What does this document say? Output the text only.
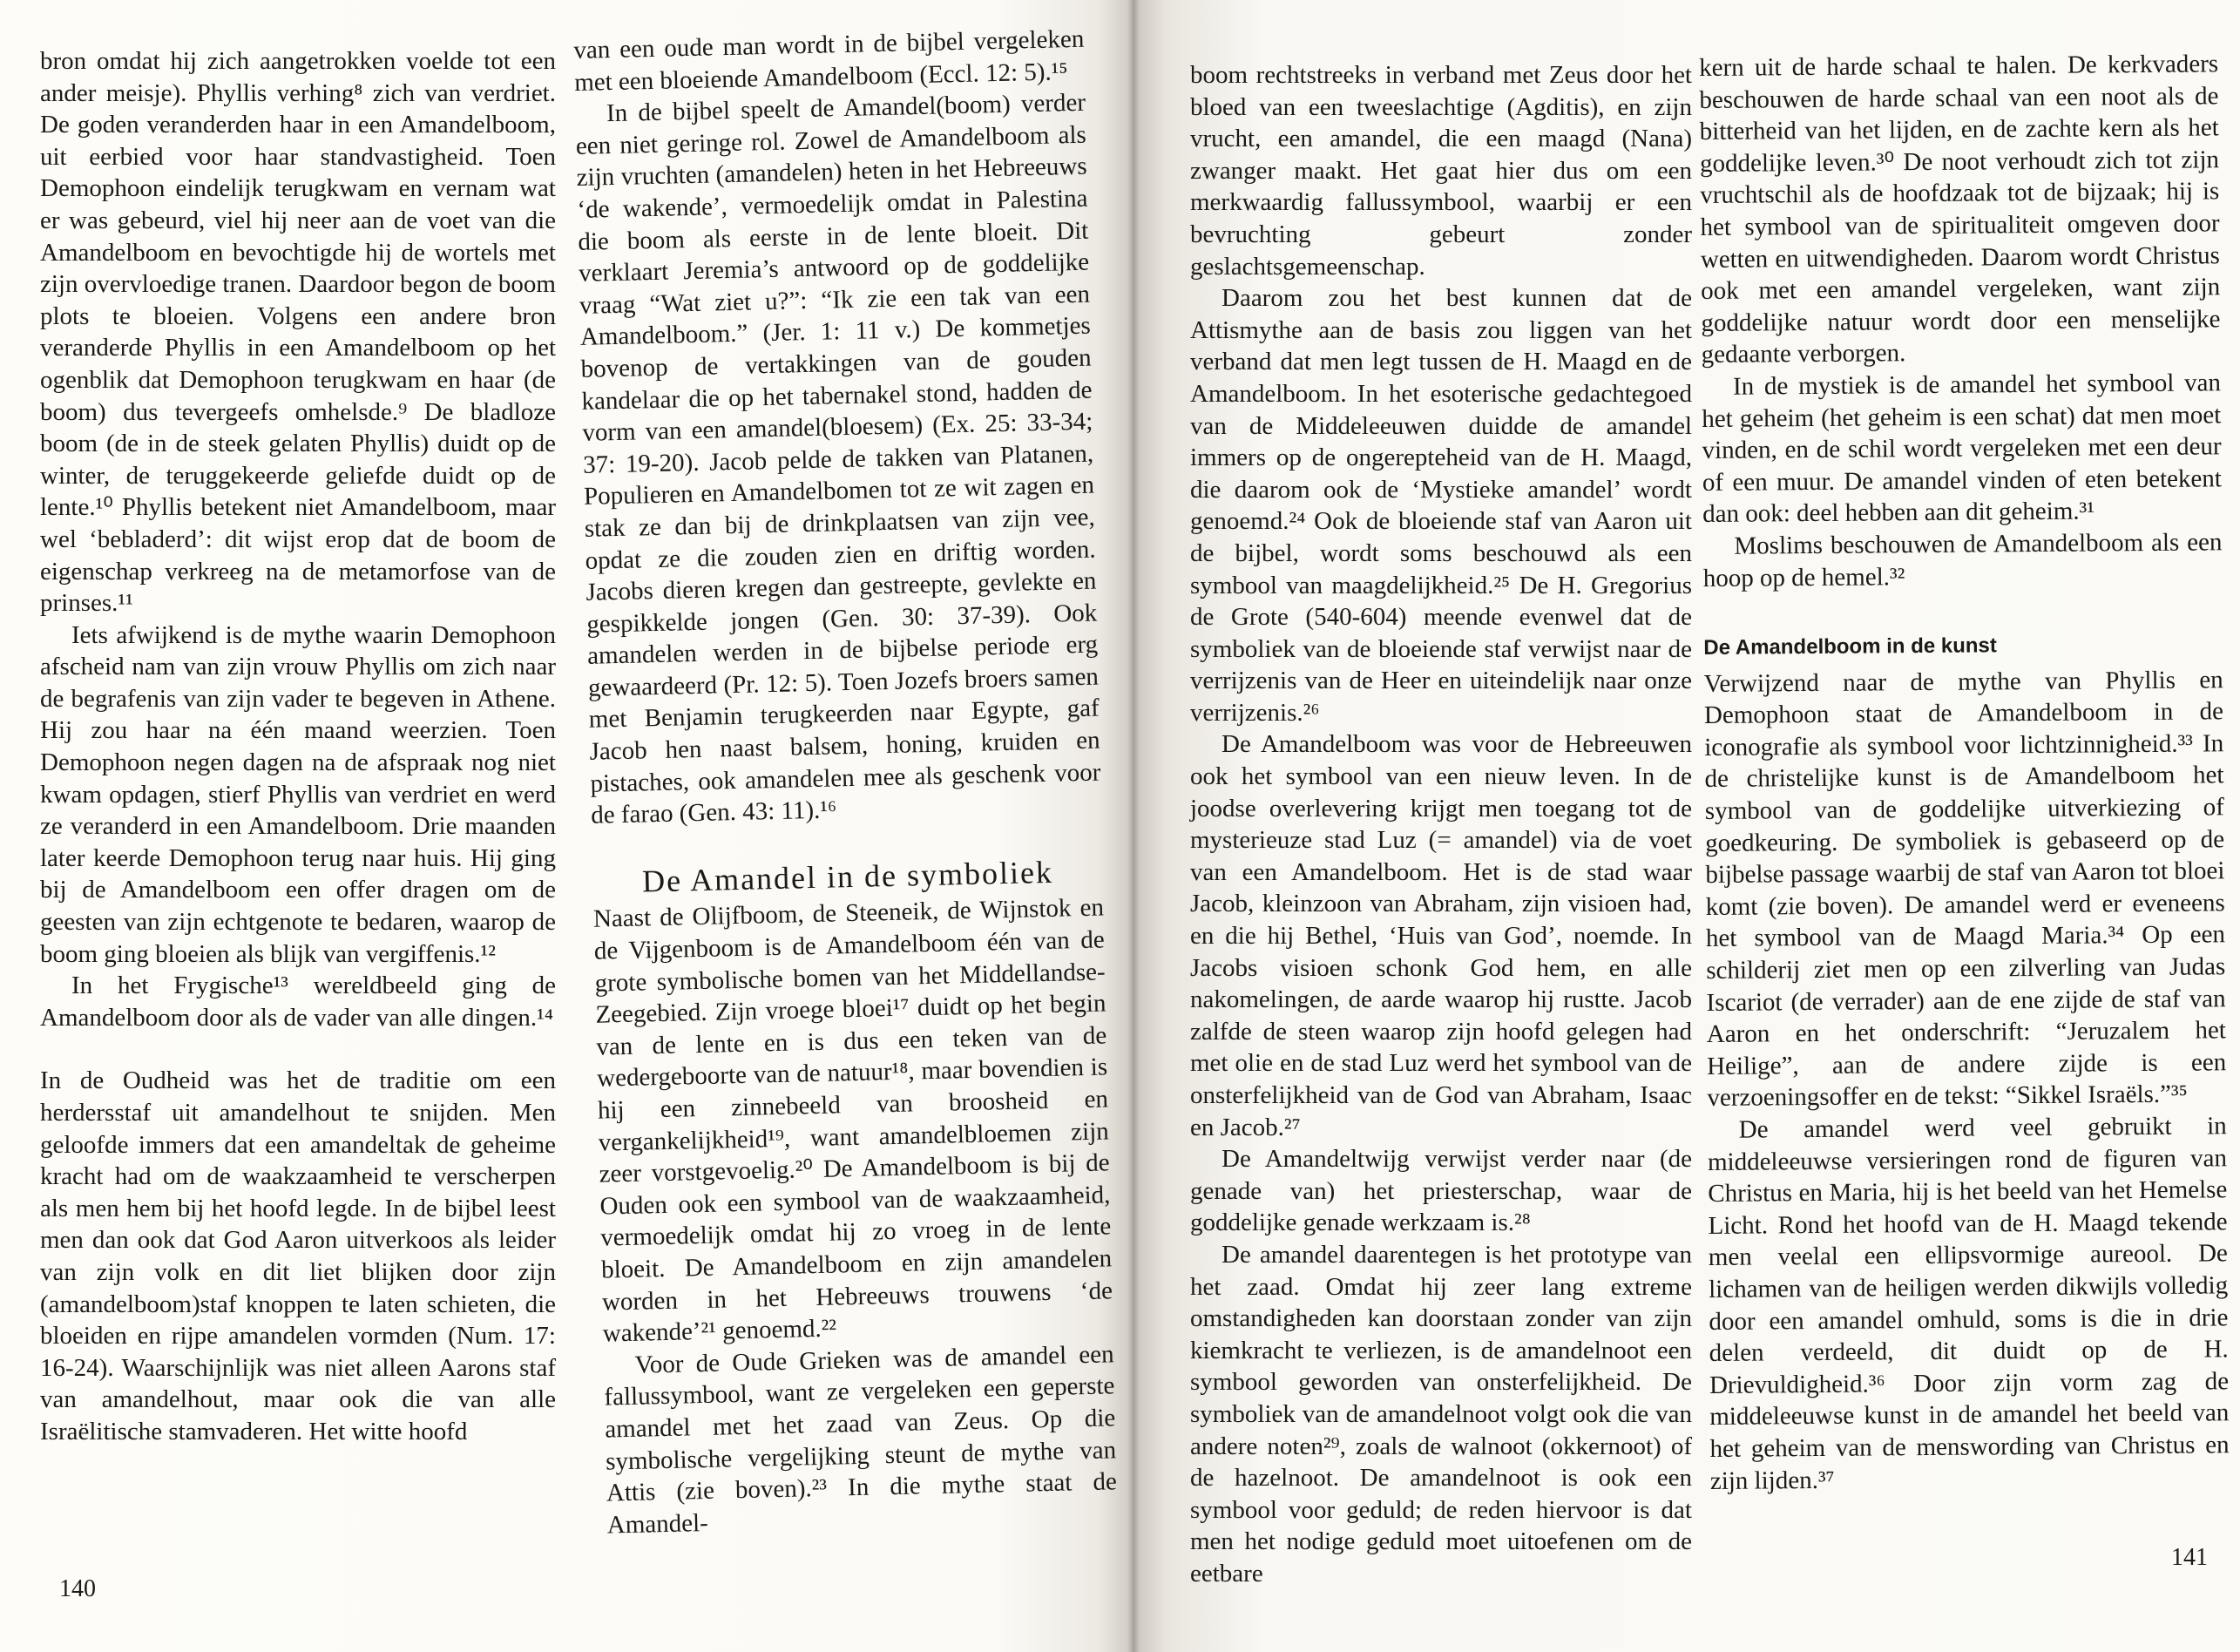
bron omdat hij zich aangetrokken voelde tot een ander meisje). Phyllis verhing⁸ zich van verdriet. De goden veranderden haar in een Amandelboom, uit eerbied voor haar standvastigheid. Toen Demophoon eindelijk terugkwam en vernam wat er was gebeurd, viel hij neer aan de voet van die Amandelboom en bevochtigde hij de wortels met zijn overvloedige tranen. Daardoor begon de boom plots te bloeien. Volgens een andere bron veranderde Phyllis in een Amandelboom op het ogenblik dat Demophoon terugkwam en haar (de boom) dus tevergeefs omhelsde.⁹ De bladloze boom (de in de steek gelaten Phyllis) duidt op de winter, de teruggekeerde geliefde duidt op de lente.¹⁰ Phyllis betekent niet Amandelboom, maar wel ‘bebladerd’: dit wijst erop dat de boom de eigenschap verkreeg na de metamorfose van de prinses.¹¹

Iets afwijkend is de mythe waarin Demophoon afscheid nam van zijn vrouw Phyllis om zich naar de begrafenis van zijn vader te begeven in Athene. Hij zou haar na één maand weerzien. Toen Demophoon negen dagen na de afspraak nog niet kwam opdagen, stierf Phyllis van verdriet en werd ze veranderd in een Amandelboom. Drie maanden later keerde Demophoon terug naar huis. Hij ging bij de Amandelboom een offer dragen om de geesten van zijn echtgenote te bedaren, waarop de boom ging bloeien als blijk van vergiffenis.¹²

In het Frygische¹³ wereldbeeld ging de Amandelboom door als de vader van alle dingen.¹⁴

In de Oudheid was het de traditie om een herdersstaf uit amandelhout te snijden. Men geloofde immers dat een amandeltak de geheime kracht had om de waakzaamheid te verscherpen als men hem bij het hoofd legde. In de bijbel leest men dan ook dat God Aaron uitverkoos als leider van zijn volk en dit liet blijken door zijn (amandelboom)staf knoppen te laten schieten, die bloeiden en rijpe amandelen vormden (Num. 17: 16-24). Waarschijnlijk was niet alleen Aarons staf van amandelhout, maar ook die van alle Israëlitische stamvaderen. Het witte hoofd

van een oude man wordt in de bijbel vergeleken met een bloeiende Amandelboom (Eccl. 12: 5).¹⁵

In de bijbel speelt de Amandel(boom) verder een niet geringe rol. Zowel de Amandelboom als zijn vruchten (amandelen) heten in het Hebreeuws ‘de wakende’, vermoedelijk omdat in Palestina die boom als eerste in de lente bloeit. Dit verklaart Jeremia’s antwoord op de goddelijke vraag “Wat ziet u?”: “Ik zie een tak van een Amandelboom.” (Jer. 1: 11 v.) De kommetjes bovenop de vertakkingen van de gouden kandelaar die op het tabernakel stond, hadden de vorm van een amandel(bloesem) (Ex. 25: 33-34; 37: 19-20). Jacob pelde de takken van Platanen, Populieren en Amandelbomen tot ze wit zagen en stak ze dan bij de drinkplaatsen van zijn vee, opdat ze die zouden zien en driftig worden. Jacobs dieren kregen dan gestreepte, gevlekte en gespikkelde jongen (Gen. 30: 37-39). Ook amandelen werden in de bijbelse periode erg gewaardeerd (Pr. 12: 5). Toen Jozefs broers samen met Benjamin terugkeerden naar Egypte, gaf Jacob hen naast balsem, honing, kruiden en pistaches, ook amandelen mee als geschenk voor de farao (Gen. 43: 11).¹⁶

De Amandel in de symboliek

Naast de Olijfboom, de Steeneik, de Wijnstok en de Vijgenboom is de Amandelboom één van de grote symbolische bomen van het Middellandse-Zeegebied. Zijn vroege bloei¹⁷ duidt op het begin van de lente en is dus een teken van de wedergeboorte van de natuur¹⁸, maar bovendien is hij een zinnebeeld van broosheid en vergankelijkheid¹⁹, want amandelbloemen zijn zeer vorstgevoelig.²⁰ De Amandelboom is bij de Ouden ook een symbool van de waakzaamheid, vermoedelijk omdat hij zo vroeg in de lente bloeit. De Amandelboom en zijn amandelen worden in het Hebreeuws trouwens ‘de wakende’²¹ genoemd.²²

Voor de Oude Grieken was de amandel een fallussymbool, want ze vergeleken een geperste amandel met het zaad van Zeus. Op die symbolische vergelijking steunt de mythe van Attis (zie boven).²³ In die mythe staat de Amandel-

140

boom rechtstreeks in verband met Zeus door het bloed van een tweeslachtige (Agditis), en zijn vrucht, een amandel, die een maagd (Nana) zwanger maakt. Het gaat hier dus om een merkwaardig fallussymbool, waarbij er een bevruchting gebeurt zonder geslachtsgemeenschap.

Daarom zou het best kunnen dat de Attismythe aan de basis zou liggen van het verband dat men legt tussen de H. Maagd en de Amandelboom. In het esoterische gedachtegoed van de Middeleeuwen duidde de amandel immers op de ongerepteheid van de H. Maagd, die daarom ook de ‘Mystieke amandel’ wordt genoemd.²⁴ Ook de bloeiende staf van Aaron uit de bijbel, wordt soms beschouwd als een symbool van maagdelijkheid.²⁵ De H. Gregorius de Grote (540-604) meende evenwel dat de symboliek van de bloeiende staf verwijst naar de verrijzenis van de Heer en uiteindelijk naar onze verrijzenis.²⁶

De Amandelboom was voor de Hebreeuwen ook het symbool van een nieuw leven. In de joodse overlevering krijgt men toegang tot de mysterieuze stad Luz (= amandel) via de voet van een Amandelboom. Het is de stad waar Jacob, kleinzoon van Abraham, zijn visioen had, en die hij Bethel, ‘Huis van God’, noemde. In Jacobs visioen schonk God hem, en alle nakomelingen, de aarde waarop hij rustte. Jacob zalfde de steen waarop zijn hoofd gelegen had met olie en de stad Luz werd het symbool van de onsterfelijkheid van de God van Abraham, Isaac en Jacob.²⁷

De Amandeltwijg verwijst verder naar (de genade van) het priesterschap, waar de goddelijke genade werkzaam is.²⁸

De amandel daarentegen is het prototype van het zaad. Omdat hij zeer lang extreme omstandigheden kan doorstaan zonder van zijn kiemkracht te verliezen, is de amandelnoot een symbool geworden van onsterfelijkheid. De symboliek van de amandelnoot volgt ook die van andere noten²⁹, zoals de walnoot (okkernoot) of de hazelnoot. De amandelnoot is ook een symbool voor geduld; de reden hiervoor is dat men het nodige geduld moet uitoefenen om de eetbare

kern uit de harde schaal te halen. De kerkvaders beschouwen de harde schaal van een noot als de bitterheid van het lijden, en de zachte kern als het goddelijke leven.³⁰ De noot verhoudt zich tot zijn vruchtschil als de hoofdzaak tot de bijzaak; hij is het symbool van de spiritualiteit omgeven door wetten en uitwendigheden. Daarom wordt Christus ook met een amandel vergeleken, want zijn goddelijke natuur wordt door een menselijke gedaante verborgen.

In de mystiek is de amandel het symbool van het geheim (het geheim is een schat) dat men moet vinden, en de schil wordt vergeleken met een deur of een muur. De amandel vinden of eten betekent dan ook: deel hebben aan dit geheim.³¹

Moslims beschouwen de Amandelboom als een hoop op de hemel.³²

De Amandelboom in de kunst

Verwijzend naar de mythe van Phyllis en Demophoon staat de Amandelboom in de iconografie als symbool voor lichtzinnigheid.³³ In de christelijke kunst is de Amandelboom het symbool van de goddelijke uitverkiezing of goedkeuring. De symboliek is gebaseerd op de bijbelse passage waarbij de staf van Aaron tot bloei komt (zie boven). De amandel werd er eveneens het symbool van de Maagd Maria.³⁴ Op een schilderij ziet men op een zilverling van Judas Iscariot (de verrader) aan de ene zijde de staf van Aaron en het onderschrift: “Jeruzalem het Heilige”, aan de andere zijde is een verzoeningsoffer en de tekst: “Sikkel Israëls.”³⁵

De amandel werd veel gebruikt in middeleeuwse versieringen rond de figuren van Christus en Maria, hij is het beeld van het Hemelse Licht. Rond het hoofd van de H. Maagd tekende men veelal een ellipsvormige aureool. De lichamen van de heiligen werden dikwijls volledig door een amandel omhuld, soms is die in drie delen verdeeld, dit duidt op de H. Drievuldigheid.³⁶ Door zijn vorm zag de middeleeuwse kunst in de amandel het beeld van het geheim van de menswording van Christus en zijn lijden.³⁷

141
